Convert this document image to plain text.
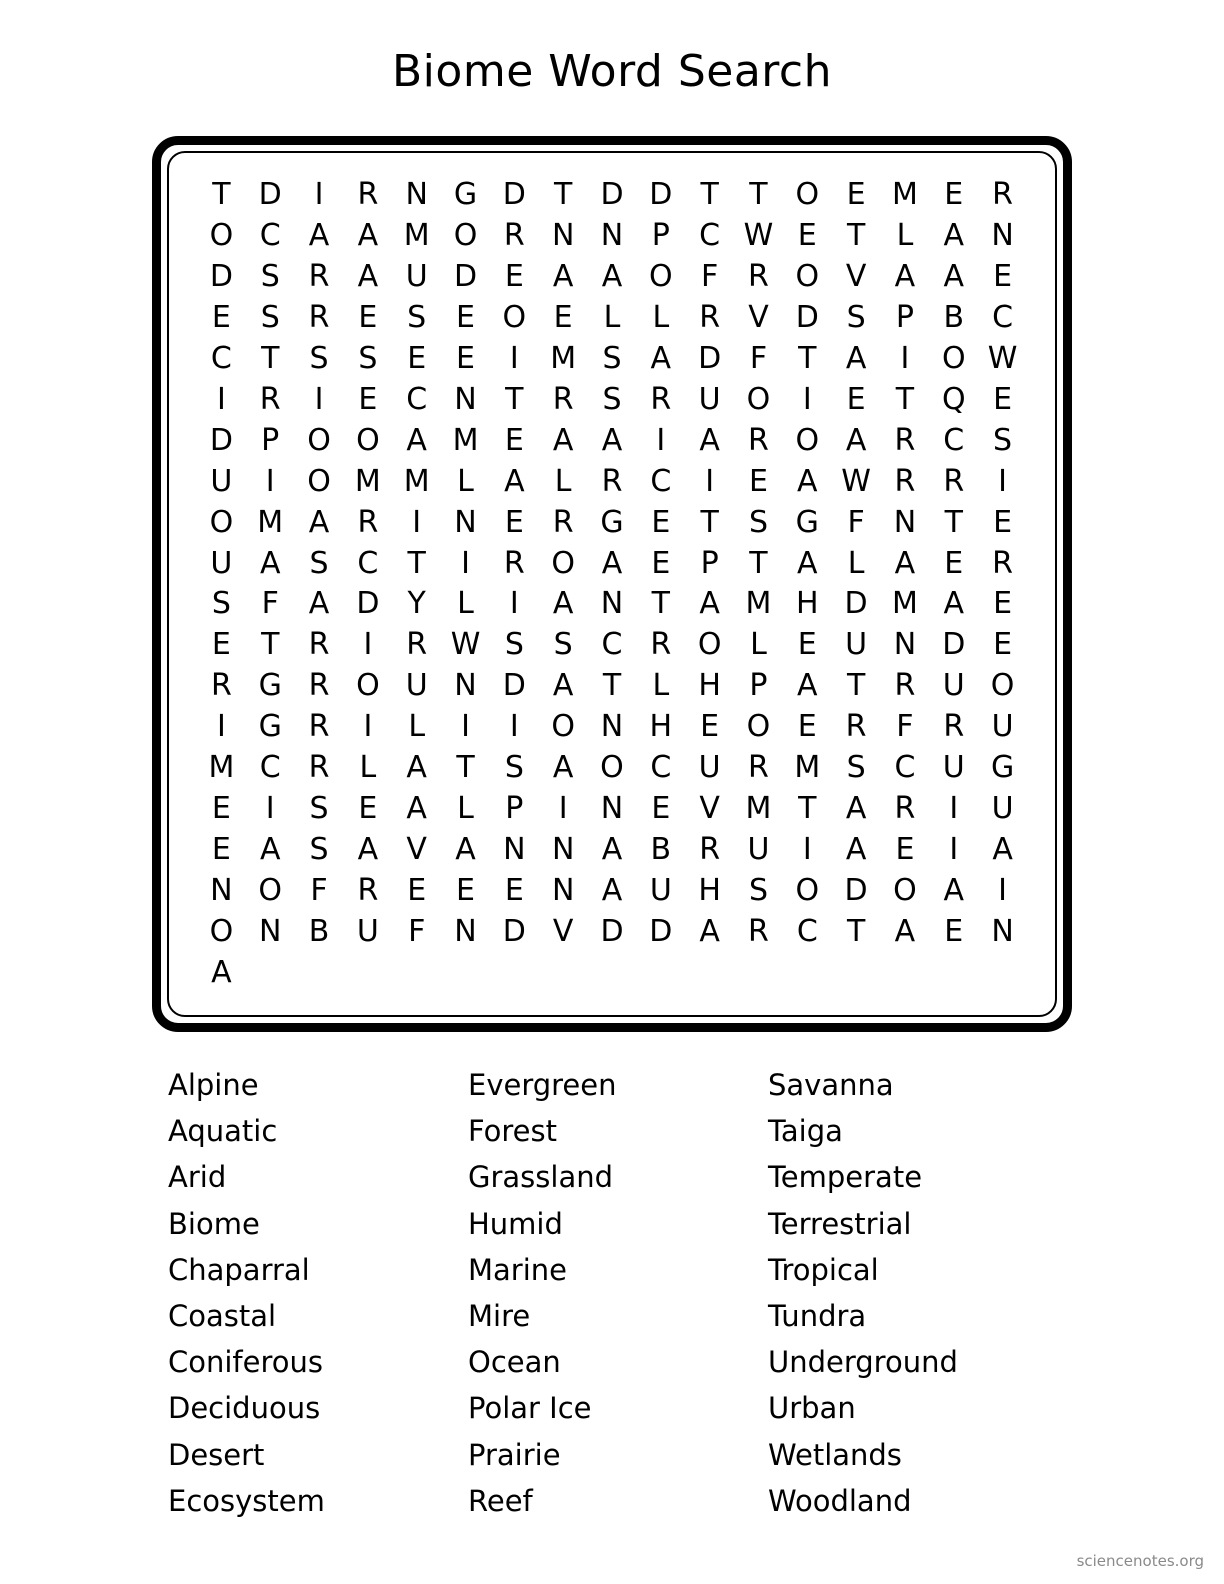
Biome Word Search
T D I R N G D T D D T T O E M E R
O C A A M O R N N P C W E T L A N
D S R A U D E A A O F R O V A A E
E S R E S E O E L L R V D S P B C
C T S S E E I M S A D F T A I O W
I R I E C N T R S R U O I E T Q E
D P O O A M E A A I A R O A R C S
U I O M M L A L R C I E A W R R I
O M A R I N E R G E T S G F N T E
U A S C T I R O A E P T A L A E R
S F A D Y L I A N T A M H D M A E
E T R I R W S S C R O L E U N D E
R G R O U N D A T L H P A T R U O
I G R I L I I O N H E O E R F R U
M C R L A T S A O C U R M S C U G
E I S E A L P I N E V M T A R I U
E A S A V A N N A B R U I A E I A
N O F R E E E N A U H S O D O A I
O N B U F N D V D D A R C T A E N
A
Alpine
Aquatic
Arid
Biome
Chaparral
Coastal
Coniferous
Deciduous
Desert
Ecosystem
Evergreen
Forest
Grassland
Humid
Marine
Mire
Ocean
Polar Ice
Prairie
Reef
Savanna
Taiga
Temperate
Terrestrial
Tropical
Tundra
Underground
Urban
Wetlands
Woodland
sciencenotes.org
